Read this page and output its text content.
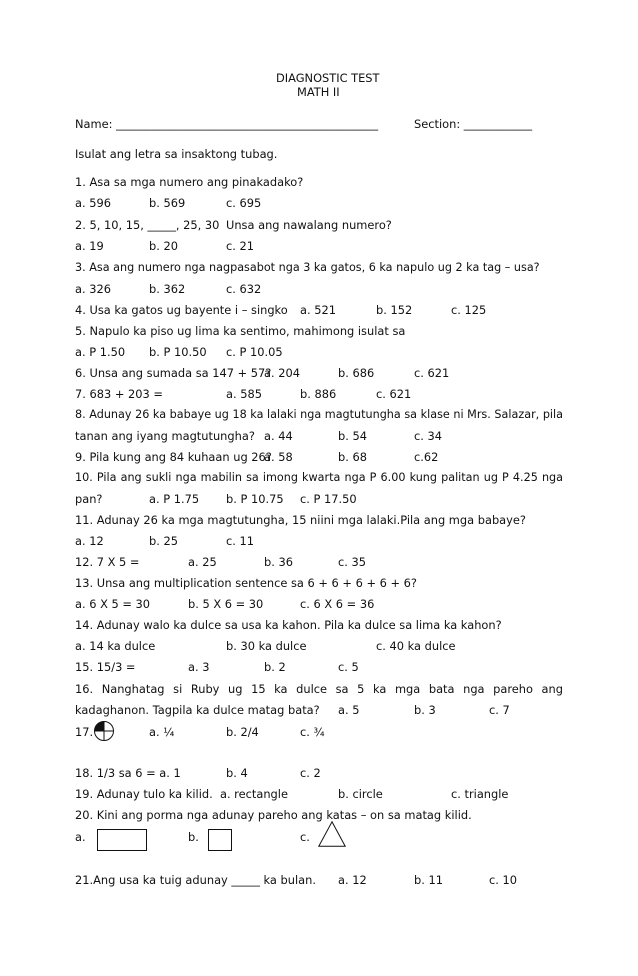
DIAGNOSTIC TEST
MATH II
Name: ______________________________________________	Section: ____________
Isulat ang letra sa insaktong tubag.
1. Asa sa mga numero ang pinakadako?
a. 596	b. 569	c. 695
2. 5, 10, 15, _____, 25, 30 Unsa ang nawalang numero?
a. 19	b. 20	c. 21
3. Asa ang numero nga nagpasabot nga 3 ka gatos, 6 ka napulo ug 2 ka tag – usa?
a. 326	b. 362	c. 632
4. Usa ka gatos ug bayente i – singko a. 521	b. 152	c. 125
5. Napulo ka piso ug lima ka sentimo, mahimong isulat sa
a. P 1.50 b. P 10.50 c. P 10.05
6. Unsa ang sumada sa 147 + 57?
a. 204	b. 686	c. 621
7. 683 + 203 =	a. 585	b. 886	c. 621
8. Adunay 26 ka babaye ug 18 ka lalaki nga magtutungha sa klase ni Mrs. Salazar, pila
tanan ang iyang magtutungha? a. 44	b. 54	c. 34
9. Pila kung ang 84 kuhaan ug 26?
a. 58	b. 68	c.62
10. Pila ang sukli nga mabilin sa imong kwarta nga P 6.00 kung palitan ug P 4.25 nga
pan?	a. P 1.75 b. P 10.75 c. P 17.50
11. Adunay 26 ka mga magtutungha, 15 niini mga lalaki.Pila ang mga babaye?
a. 12	b. 25	c. 11
12. 7 X 5 =	a. 25	b. 36	c. 35
13. Unsa ang multiplication sentence sa 6 + 6 + 6 + 6 + 6?
a. 6 X 5 = 30	b. 5 X 6 = 30	c. 6 X 6 = 36
14. Adunay walo ka dulce sa usa ka kahon. Pila ka dulce sa lima ka kahon?
a. 14 ka dulce	b. 30 ka dulce	c. 40 ka dulce
15. 15/3 =	a. 3	b. 2	c. 5
16. Nanghatag si Ruby ug 15 ka dulce sa 5 ka mga bata nga pareho ang
kadaghanon. Tagpila ka dulce matag bata? a. 5	b. 3	c. 7
17.	a. ¼	b. 2/4	c. ¾
18. 1/3 sa 6 = a. 1	b. 4	c. 2
19. Adunay tulo ka kilid.  a. rectangle	b. circle	c. triangle
20. Kini ang porma nga adunay pareho ang katas – on sa matag kilid.
a.	b.	c.
21.Ang usa ka tuig adunay _____ ka bulan. a. 12	b. 11	c. 10
